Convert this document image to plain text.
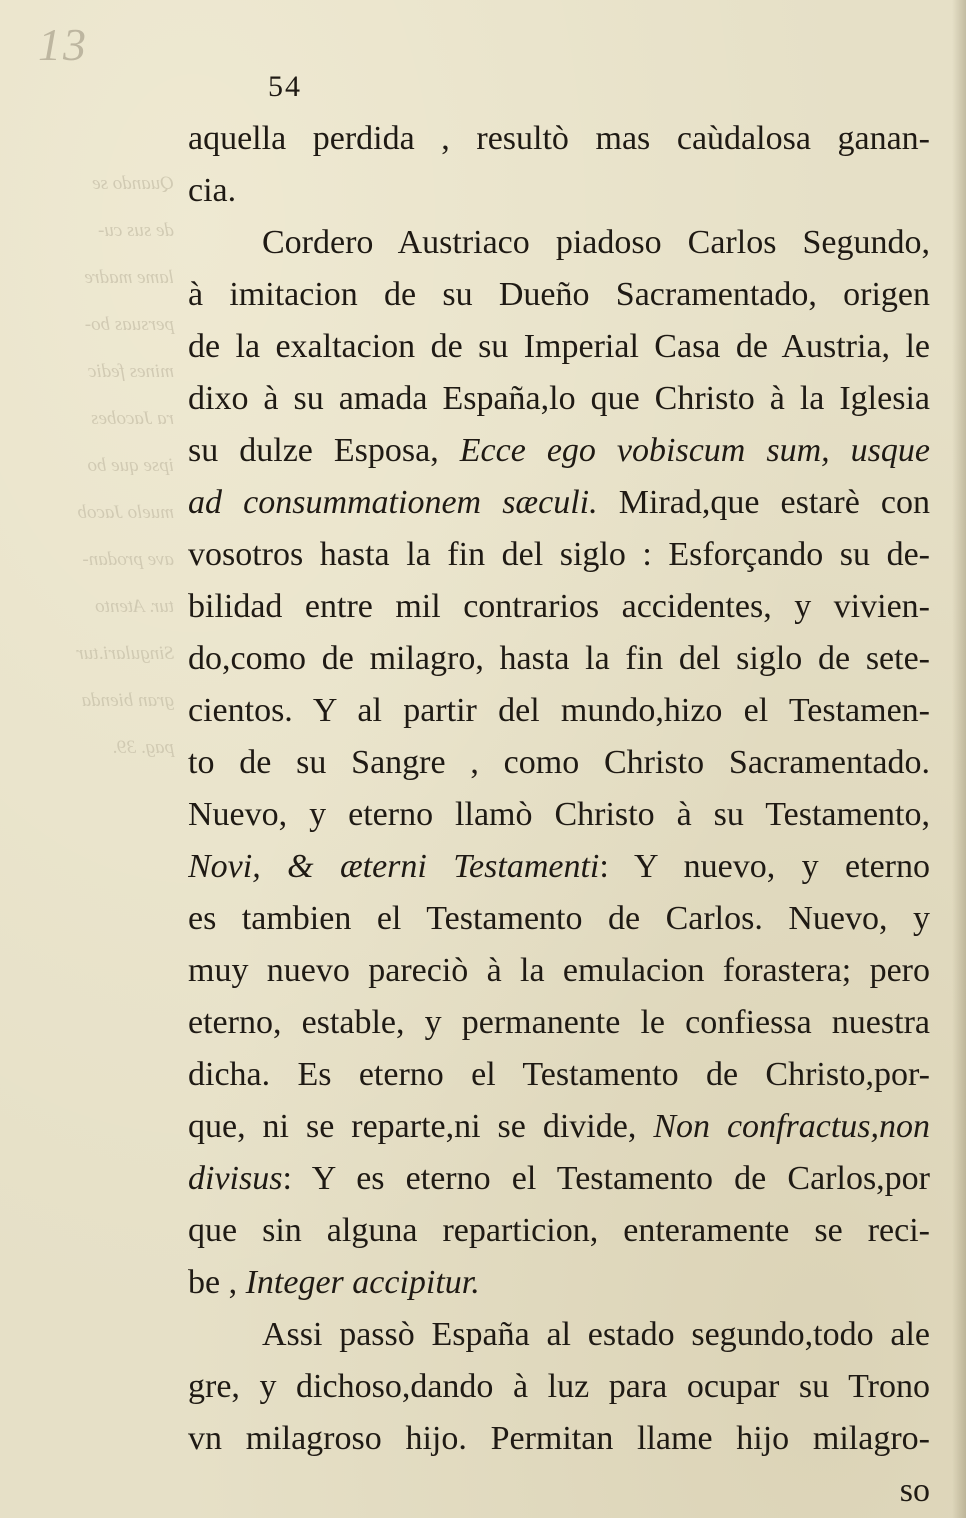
13
Quando se
de sus cu-
lame madre
persuas bo-
mines fedic
ra Jacobes
ipse que bo
muelo Jacob
ave prodan-
tur. Atento
Singulari.tur
gran bienda
pag. 39.
54
aquella perdida , resultò mas caùdalosa ganan-
cia.
Cordero Austriaco piadoso Carlos Segundo,
à imitacion de su Dueño Sacramentado, origen
de la exaltacion de su Imperial Casa de Austria, le
dixo à su amada España,lo que Christo à la Iglesia
su dulze Esposa, Ecce ego vobiscum sum, usque
ad consummationem sæculi. Mirad,que estarè con
vosotros hasta la fin del siglo : Esforçando su de-
bilidad entre mil contrarios accidentes, y vivien-
do,como de milagro, hasta la fin del siglo de sete-
cientos. Y al partir del mundo,hizo el Testamen-
to de su Sangre , como Christo Sacramentado.
Nuevo, y eterno llamò Christo à su Testamento,
Novi, & æterni Testamenti: Y nuevo, y eterno
es tambien el Testamento de Carlos. Nuevo, y
muy nuevo pareciò à la emulacion forastera; pero
eterno, estable, y permanente le confiessa nuestra
dicha. Es eterno el Testamento de Christo,por-
que, ni se reparte,ni se divide, Non confractus,non
divisus: Y es eterno el Testamento de Carlos,por
que sin alguna reparticion, enteramente se reci-
be , Integer accipitur.
Assi passò España al estado segundo,todo ale
gre, y dichoso,dando à luz para ocupar su Trono
vn milagroso hijo. Permitan llame hijo milagro-
so
